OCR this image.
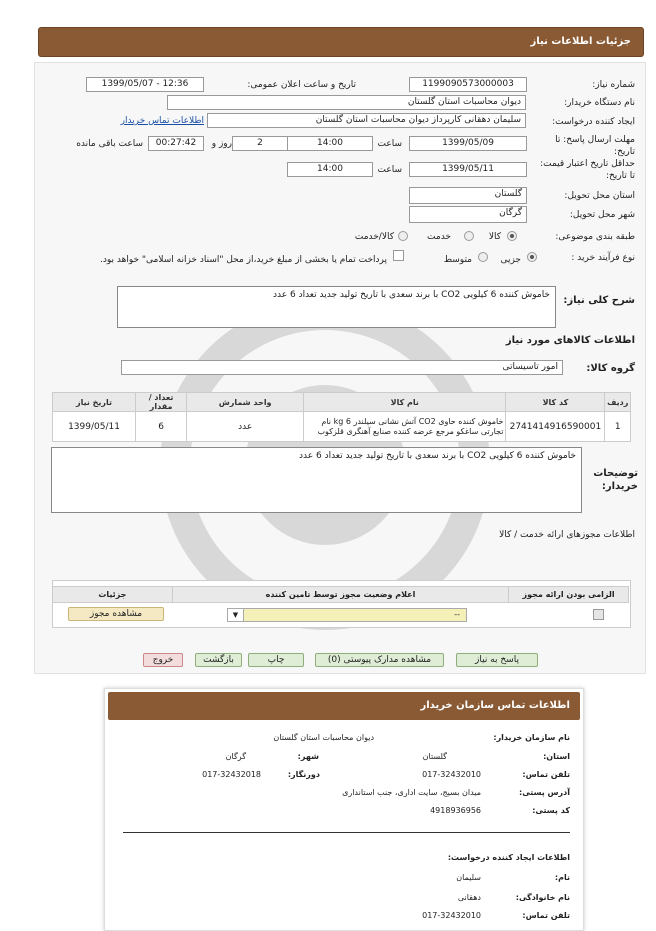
جزئیات اطلاعات نیاز
شماره نیاز:
1199090573000003
تاریخ و ساعت اعلان عمومی:
1399/05/07 - 12:36
نام دستگاه خریدار:
دیوان محاسبات استان گلستان
ایجاد کننده درخواست:
سلیمان دهقانی کارپرداز دیوان محاسبات استان گلستان
اطلاعات تماس خریدار
مهلت ارسال پاسخ: تا تاریخ:
1399/05/09
ساعت
14:00
روز و	2
00:27:42
ساعت باقی مانده
حداقل تاریخ اعتبار قیمت: تا تاریخ:
1399/05/11
ساعت
14:00
استان محل تحویل:
گلستان
شهر محل تحویل:
گرگان
طبقه بندی موضوعی:
کالا
خدمت
کالا/خدمت
نوع فرآیند خرید :
جزیی
متوسط
پرداخت تمام یا بخشی از مبلغ خرید،از محل "اسناد خزانه اسلامی" خواهد بود.
شرح کلی نیاز:
خاموش کننده 6 کیلویی CO2 با برند سعدی با تاریخ تولید جدید تعداد 6 عدد
اطلاعات کالاهای مورد نیاز
گروه کالا:
امور تاسیساتی
تاریخ نیاز	تعداد / مقدار	واحد شمارش	نام کالا	کد کالا	ردیف
1399/05/11	6	عدد	خاموش کننده حاوی CO2 آتش نشانی سیلندر 6 kg نام تجارتی ساغکو مرجع عرضه کننده صنایع آهنگری قلزکوب	2741414916590001	1
خاموش کننده 6 کیلویی CO2 با برند سعدی با تاریخ تولید جدید تعداد 6 عدد
توضیحات خریدار:
اطلاعات مجوزهای ارائه خدمت / کالا
جزئیات	اعلام وضعیت مجوز توسط تامین کننده	الزامی بودن ارائه مجوز
مشاهده مجوز	--
▼
پاسخ به نیاز
مشاهده مدارک پیوستی (0)
چاپ
بازگشت
خروج
اطلاعات تماس سازمان خریدار
نام سازمان خریدار:
دیوان محاسبات استان گلستان
استان:
گلستان
شهر:
گرگان
تلفن تماس:
017-32432010
دورنگار:
017-32432018
آدرس پستی:
میدان بسیج، سایت اداری، جنب استانداری
کد پستی:
4918936956
اطلاعات ایجاد کننده درخواست:
نام:
سلیمان
نام خانوادگی:
دهقانی
تلفن تماس:
017-32432010
